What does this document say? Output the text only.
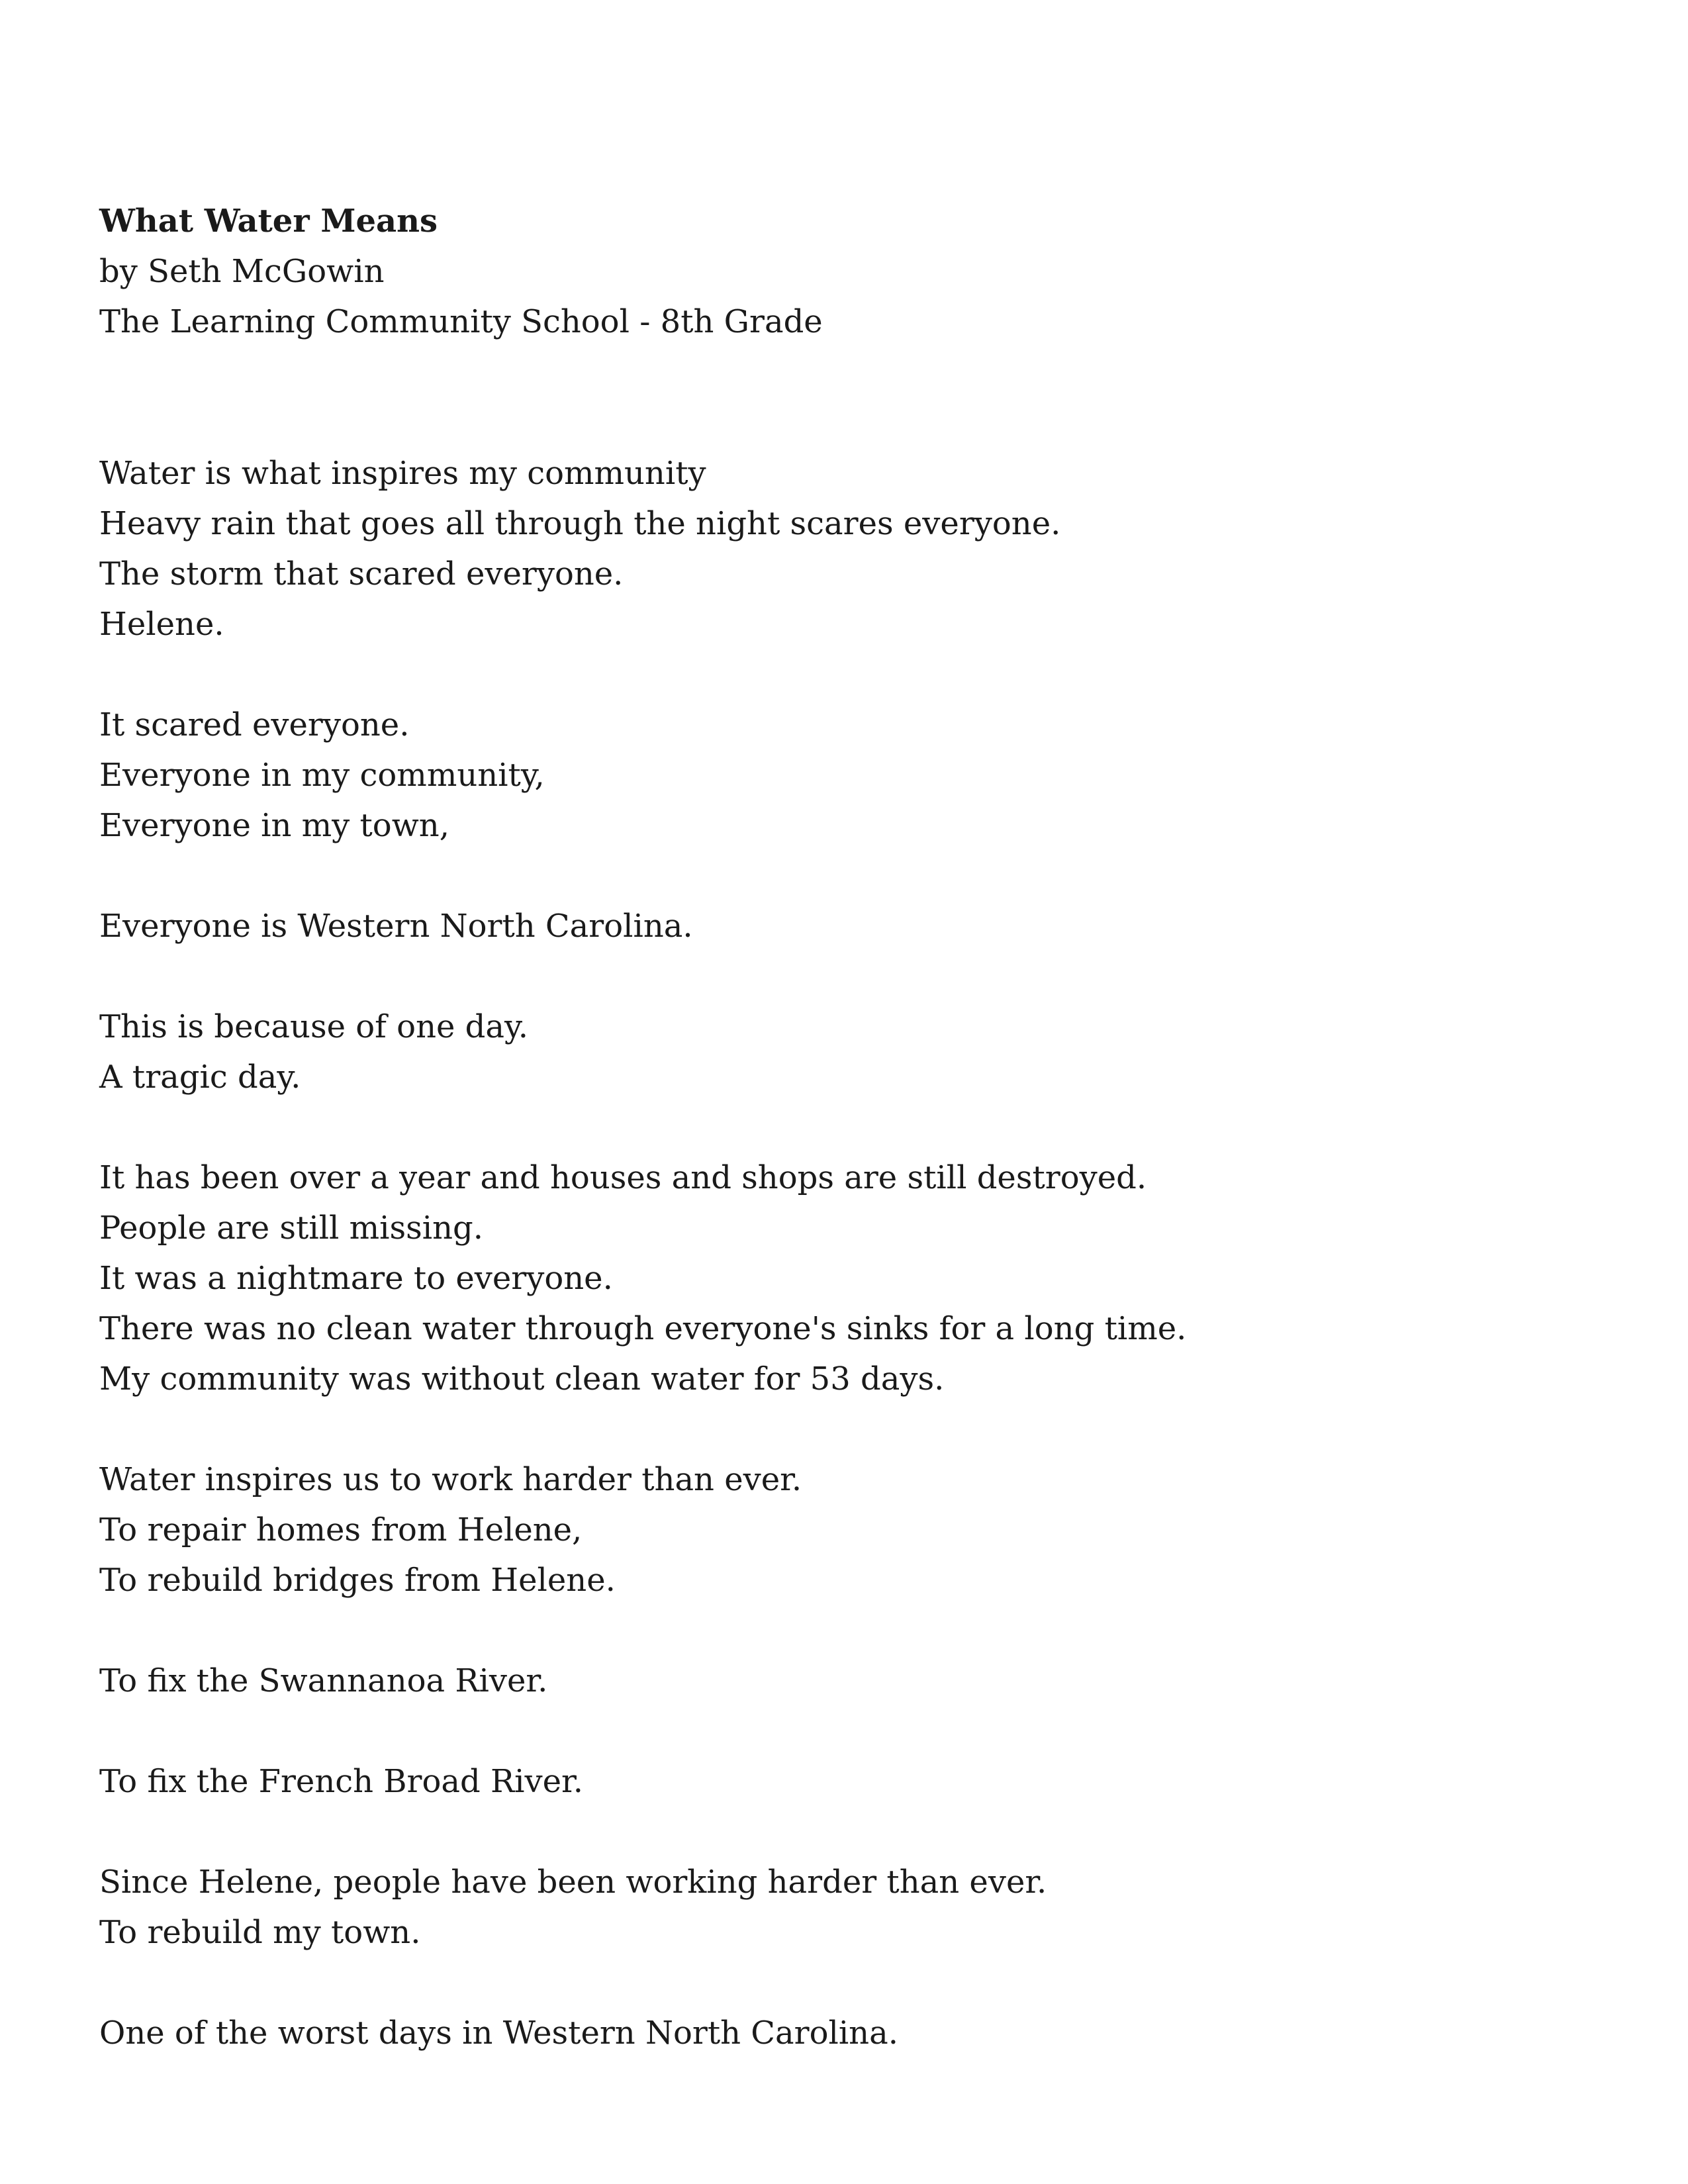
What Water Means
by Seth McGowin
The Learning Community School - 8th Grade
Water is what inspires my community
Heavy rain that goes all through the night scares everyone.
The storm that scared everyone.
Helene.
It scared everyone.
Everyone in my community,
Everyone in my town,
Everyone is Western North Carolina.
This is because of one day.
A tragic day.
It has been over a year and houses and shops are still destroyed.
People are still missing.
It was a nightmare to everyone.
There was no clean water through everyone's sinks for a long time.
My community was without clean water for 53 days.
Water inspires us to work harder than ever.
To repair homes from Helene,
To rebuild bridges from Helene.
To fix the Swannanoa River.
To fix the French Broad River.
Since Helene, people have been working harder than ever.
To rebuild my town.
One of the worst days in Western North Carolina.
